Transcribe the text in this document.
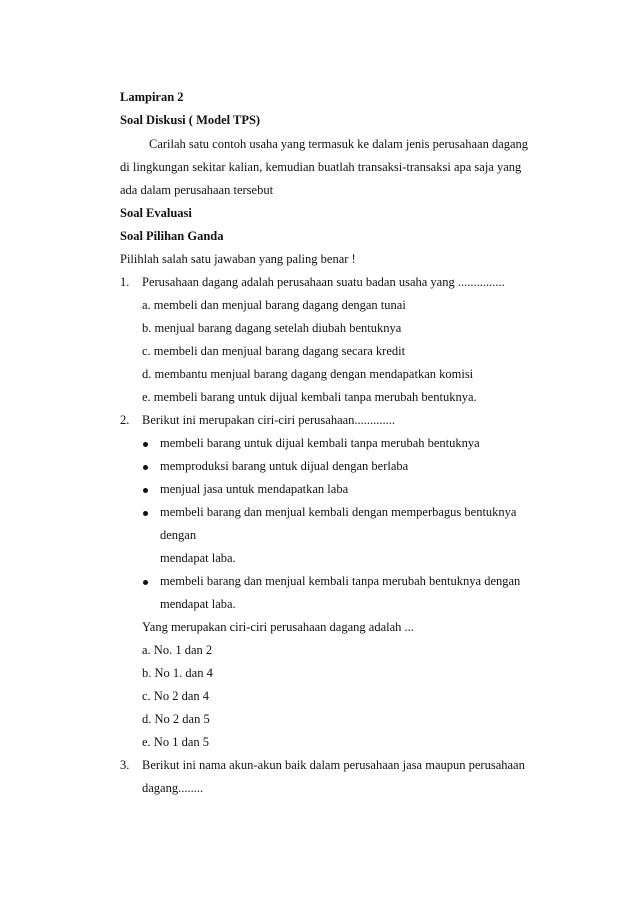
Lampiran 2
Soal Diskusi ( Model TPS)
Carilah satu contoh usaha yang termasuk ke dalam jenis perusahaan dagang
di lingkungan sekitar kalian, kemudian buatlah transaksi-transaksi apa saja yang
ada dalam perusahaan tersebut
Soal Evaluasi
Soal Pilihan Ganda
Pilihlah salah satu jawaban yang paling benar !
1. Perusahaan dagang adalah perusahaan suatu badan usaha yang ...............
a. membeli dan menjual barang dagang dengan tunai
b. menjual barang dagang setelah diubah bentuknya
c. membeli dan menjual barang dagang secara kredit
d. membantu menjual barang dagang dengan mendapatkan komisi
e. membeli barang untuk dijual kembali tanpa merubah bentuknya.
2. Berikut ini merupakan ciri-ciri perusahaan.............
membeli barang untuk dijual kembali tanpa merubah bentuknya
memproduksi barang untuk dijual dengan berlaba
menjual jasa untuk mendapatkan laba
membeli barang dan menjual kembali dengan memperbagus bentuknya
dengan
mendapat laba.
membeli barang dan menjual kembali tanpa merubah bentuknya dengan
mendapat laba.
Yang merupakan ciri-ciri perusahaan dagang adalah ...
a. No. 1 dan 2
b. No 1. dan 4
c. No 2 dan 4
d. No 2 dan 5
e. No 1 dan 5
3. Berikut ini nama akun-akun baik dalam perusahaan jasa maupun perusahaan
dagang........
